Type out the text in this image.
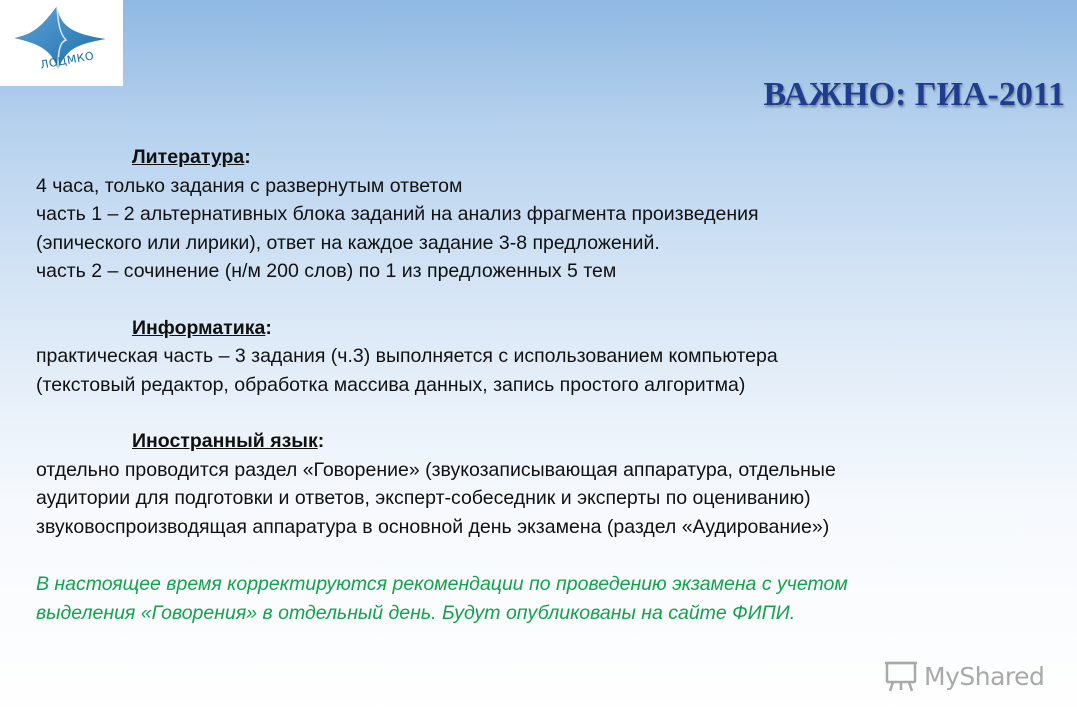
ЛОЦМКО
ВАЖНО: ГИА-2011
Литература:
4 часа, только задания с развернутым ответом
часть 1 – 2 альтернативных блока заданий на анализ фрагмента произведения
(эпического или лирики), ответ на каждое задание 3-8 предложений.
часть 2 – сочинение (н/м 200 слов) по 1 из предложенных 5 тем
Информатика:
практическая часть – 3 задания (ч.3) выполняется с использованием компьютера
(текстовый редактор, обработка массива данных, запись простого алгоритма)
Иностранный язык:
отдельно проводится раздел «Говорение» (звукозаписывающая аппаратура, отдельные
аудитории для подготовки и ответов, эксперт-собеседник и эксперты по оцениванию)
звуковоспроизводящая аппаратура в основной день экзамена (раздел «Аудирование»)
В настоящее время корректируются рекомендации по проведению экзамена с учетом
выделения «Говорения» в отдельный день. Будут опубликованы на сайте ФИПИ.
MyShared
